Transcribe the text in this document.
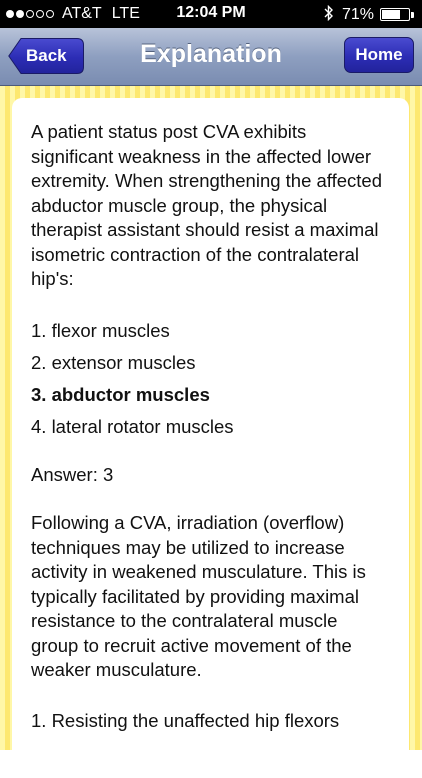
AT&T LTE	12:04 PM	71%
Back	Explanation	Home

A patient status post CVA exhibits significant weakness in the affected lower extremity. When strengthening the affected abductor muscle group, the physical therapist assistant should resist a maximal isometric contraction of the contralateral hip's:

1. flexor muscles
2. extensor muscles
3. abductor muscles
4. lateral rotator muscles

Answer: 3

Following a CVA, irradiation (overflow) techniques may be utilized to increase activity in weakened musculature. This is typically facilitated by providing maximal resistance to the contralateral muscle group to recruit active movement of the weaker musculature.

1. Resisting the unaffected hip flexors
